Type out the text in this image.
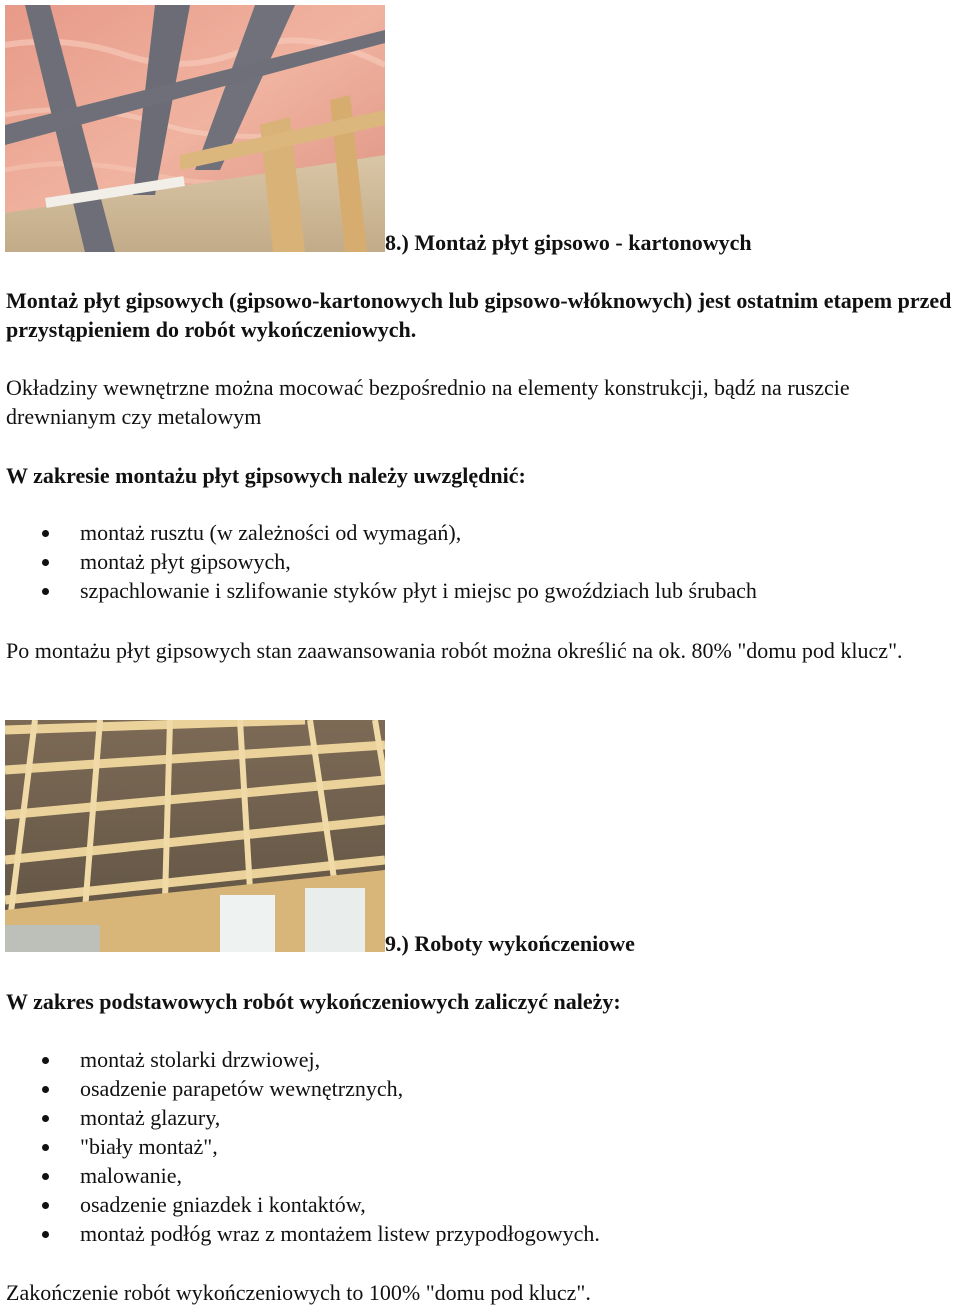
8.) Montaż płyt gipsowo - kartonowych

Montaż płyt gipsowych (gipsowo-kartonowych lub gipsowo-włóknowych) jest ostatnim etapem przed przystąpieniem do robót wykończeniowych.

Okładziny wewnętrzne można mocować bezpośrednio na elementy konstrukcji, bądź na ruszcie drewnianym czy metalowym

W zakresie montażu płyt gipsowych należy uwzględnić:

montaż rusztu (w zależności od wymagań),
montaż płyt gipsowych,
szpachlowanie i szlifowanie styków płyt i miejsc po gwoździach lub śrubach

Po montażu płyt gipsowych stan zaawansowania robót można określić na ok. 80% "domu pod klucz".

9.) Roboty wykończeniowe

W zakres podstawowych robót wykończeniowych zaliczyć należy:

montaż stolarki drzwiowej,
osadzenie parapetów wewnętrznych,
montaż glazury,
"biały montaż",
malowanie,
osadzenie gniazdek i kontaktów,
montaż podłóg wraz z montażem listew przypodłogowych.

Zakończenie robót wykończeniowych to 100% "domu pod klucz".
